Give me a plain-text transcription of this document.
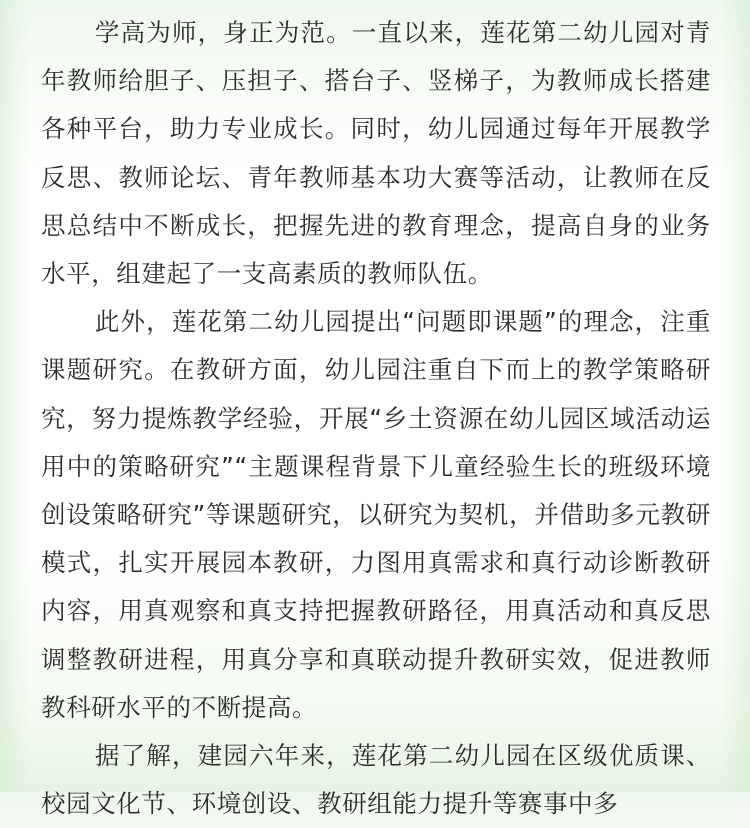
学高为师，身正为范。一直以来，莲花第二幼儿园对青年教师给胆子、压担子、搭台子、竖梯子，为教师成长搭建各种平台，助力专业成长。同时，幼儿园通过每年开展教学反思、教师论坛、青年教师基本功大赛等活动，让教师在反思总结中不断成长，把握先进的教育理念，提高自身的业务水平，组建起了一支高素质的教师队伍。

此外，莲花第二幼儿园提出“问题即课题”的理念，注重课题研究。在教研方面，幼儿园注重自下而上的教学策略研究，努力提炼教学经验，开展“乡土资源在幼儿园区域活动运用中的策略研究”“主题课程背景下儿童经验生长的班级环境创设策略研究”等课题研究，以研究为契机，并借助多元教研模式，扎实开展园本教研，力图用真需求和真行动诊断教研内容，用真观察和真支持把握教研路径，用真活动和真反思调整教研进程，用真分享和真联动提升教研实效，促进教师教科研水平的不断提高。

据了解，建园六年来，莲花第二幼儿园在区级优质课、校园文化节、环境创设、教研组能力提升等赛事中多
